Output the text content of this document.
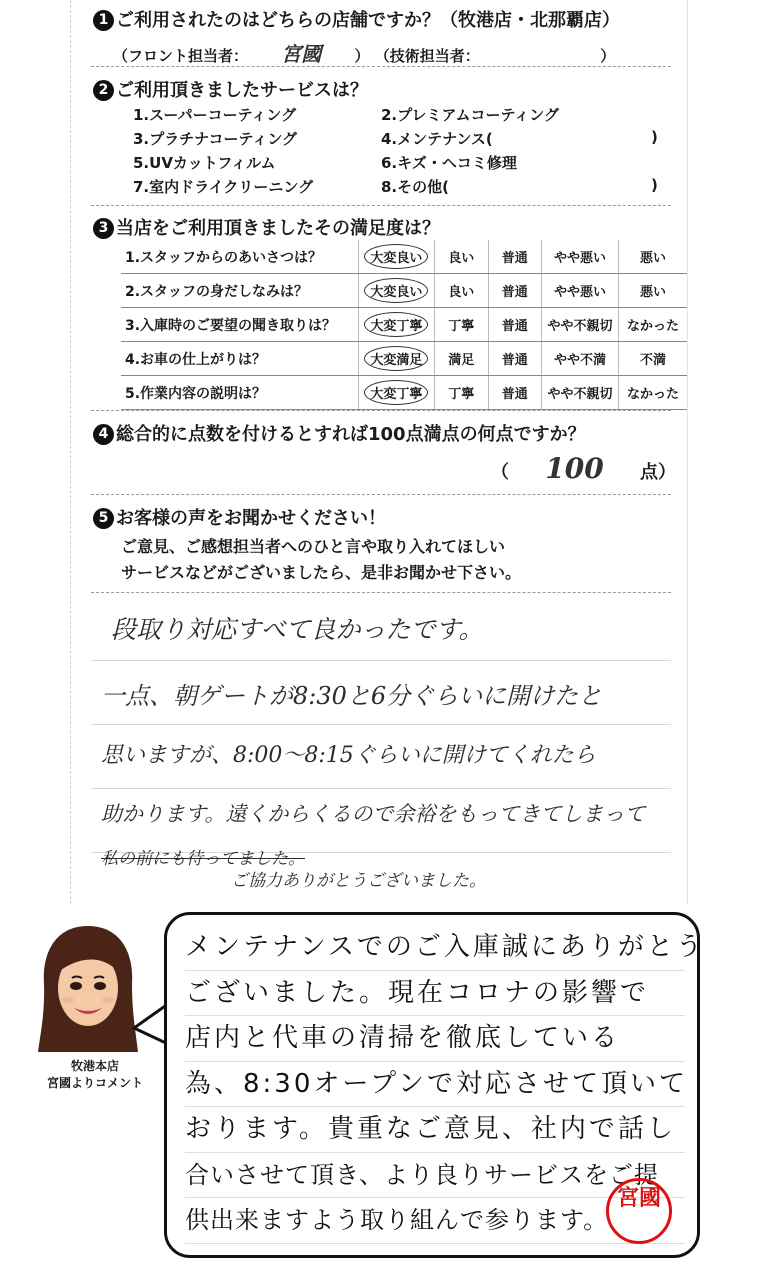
1 ご利用されたのはどちらの店舗ですか？（牧港店・北那覇店）
（フロント担当者： 宮國 ） （技術担当者：	）
2 ご利用頂きましたサービスは？
1.スーパーコーティング	2.プレミアムコーティング
3.プラチナコーティング	4.メンテナンス(	)
5.UVカットフィルム	6.キズ・ヘコミ修理
7.室内ドライクリーニング	8.その他(	)
3 当店をご利用頂きましたその満足度は？
1.スタッフからのあいさつは？	大変良い	良い	普通	やや悪い	悪い
2.スタッフの身だしなみは？	大変良い	良い	普通	やや悪い	悪い
3.入庫時のご要望の聞き取りは？	大変丁寧	丁寧	普通	やや不親切	なかった
4.お車の仕上がりは？	大変満足	満足	普通	やや不満	不満
5.作業内容の説明は？	大変丁寧	丁寧	普通	やや不親切	なかった
4 総合的に点数を付けるとすれば100点満点の何点ですか？
（ 100 点）
5 お客様の声をお聞かせください！
ご意見、ご感想担当者へのひと言や取り入れてほしい
サービスなどがございましたら、是非お聞かせ下さい。
段取り対応すべて良かったです。
一点、朝ゲートが8:30と6分ぐらいに開けたと
思いますが、8:00〜8:15ぐらいに開けてくれたら
助かります。遠くからくるので余裕をもってきてしまって
私の前にも待ってました。
ご協力ありがとうございました。
牧港本店
宮國よりコメント
メンテナンスでのご入庫誠にありがとう
ございました。現在コロナの影響で
店内と代車の清掃を徹底している
為、8:30オープンで対応させて頂いて
おります。貴重なご意見、社内で話し
合いさせて頂き、より良りサービスをご提
供出来ますよう取り組んで参ります。
宮國
